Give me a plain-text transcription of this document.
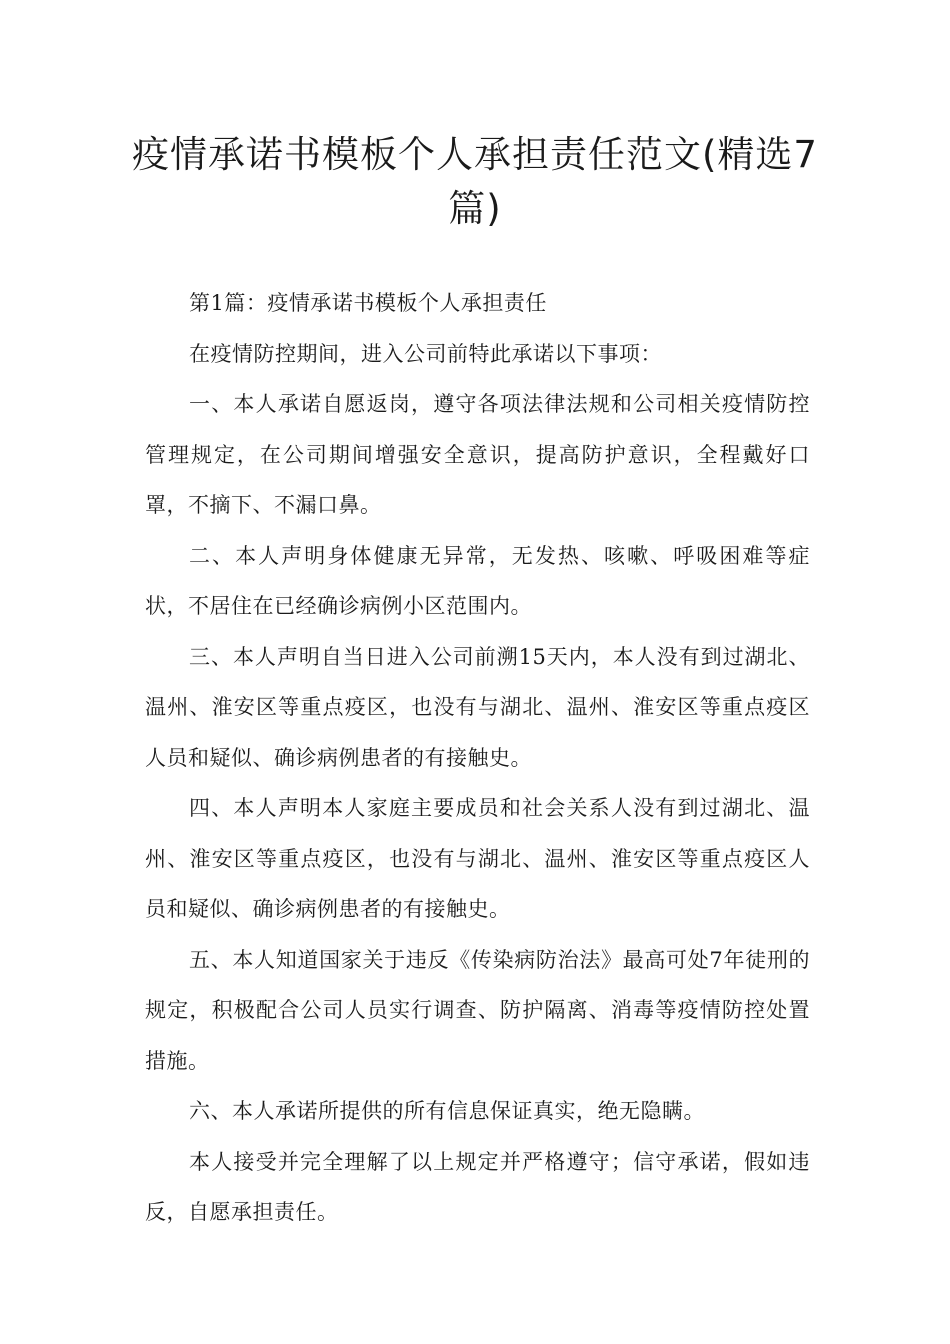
疫情承诺书模板个人承担责任范文(精选7篇)

第1篇：疫情承诺书模板个人承担责任

在疫情防控期间，进入公司前特此承诺以下事项：

一、本人承诺自愿返岗，遵守各项法律法规和公司相关疫情防控管理规定，在公司期间增强安全意识，提高防护意识，全程戴好口罩，不摘下、不漏口鼻。

二、本人声明身体健康无异常，无发热、咳嗽、呼吸困难等症状，不居住在已经确诊病例小区范围内。

三、本人声明自当日进入公司前溯15天内，本人没有到过湖北、温州、淮安区等重点疫区，也没有与湖北、温州、淮安区等重点疫区人员和疑似、确诊病例患者的有接触史。

四、本人声明本人家庭主要成员和社会关系人没有到过湖北、温州、淮安区等重点疫区，也没有与湖北、温州、淮安区等重点疫区人员和疑似、确诊病例患者的有接触史。

五、本人知道国家关于违反《传染病防治法》最高可处7年徒刑的规定，积极配合公司人员实行调查、防护隔离、消毒等疫情防控处置措施。

六、本人承诺所提供的所有信息保证真实，绝无隐瞒。

本人接受并完全理解了以上规定并严格遵守；信守承诺，假如违反，自愿承担责任。
